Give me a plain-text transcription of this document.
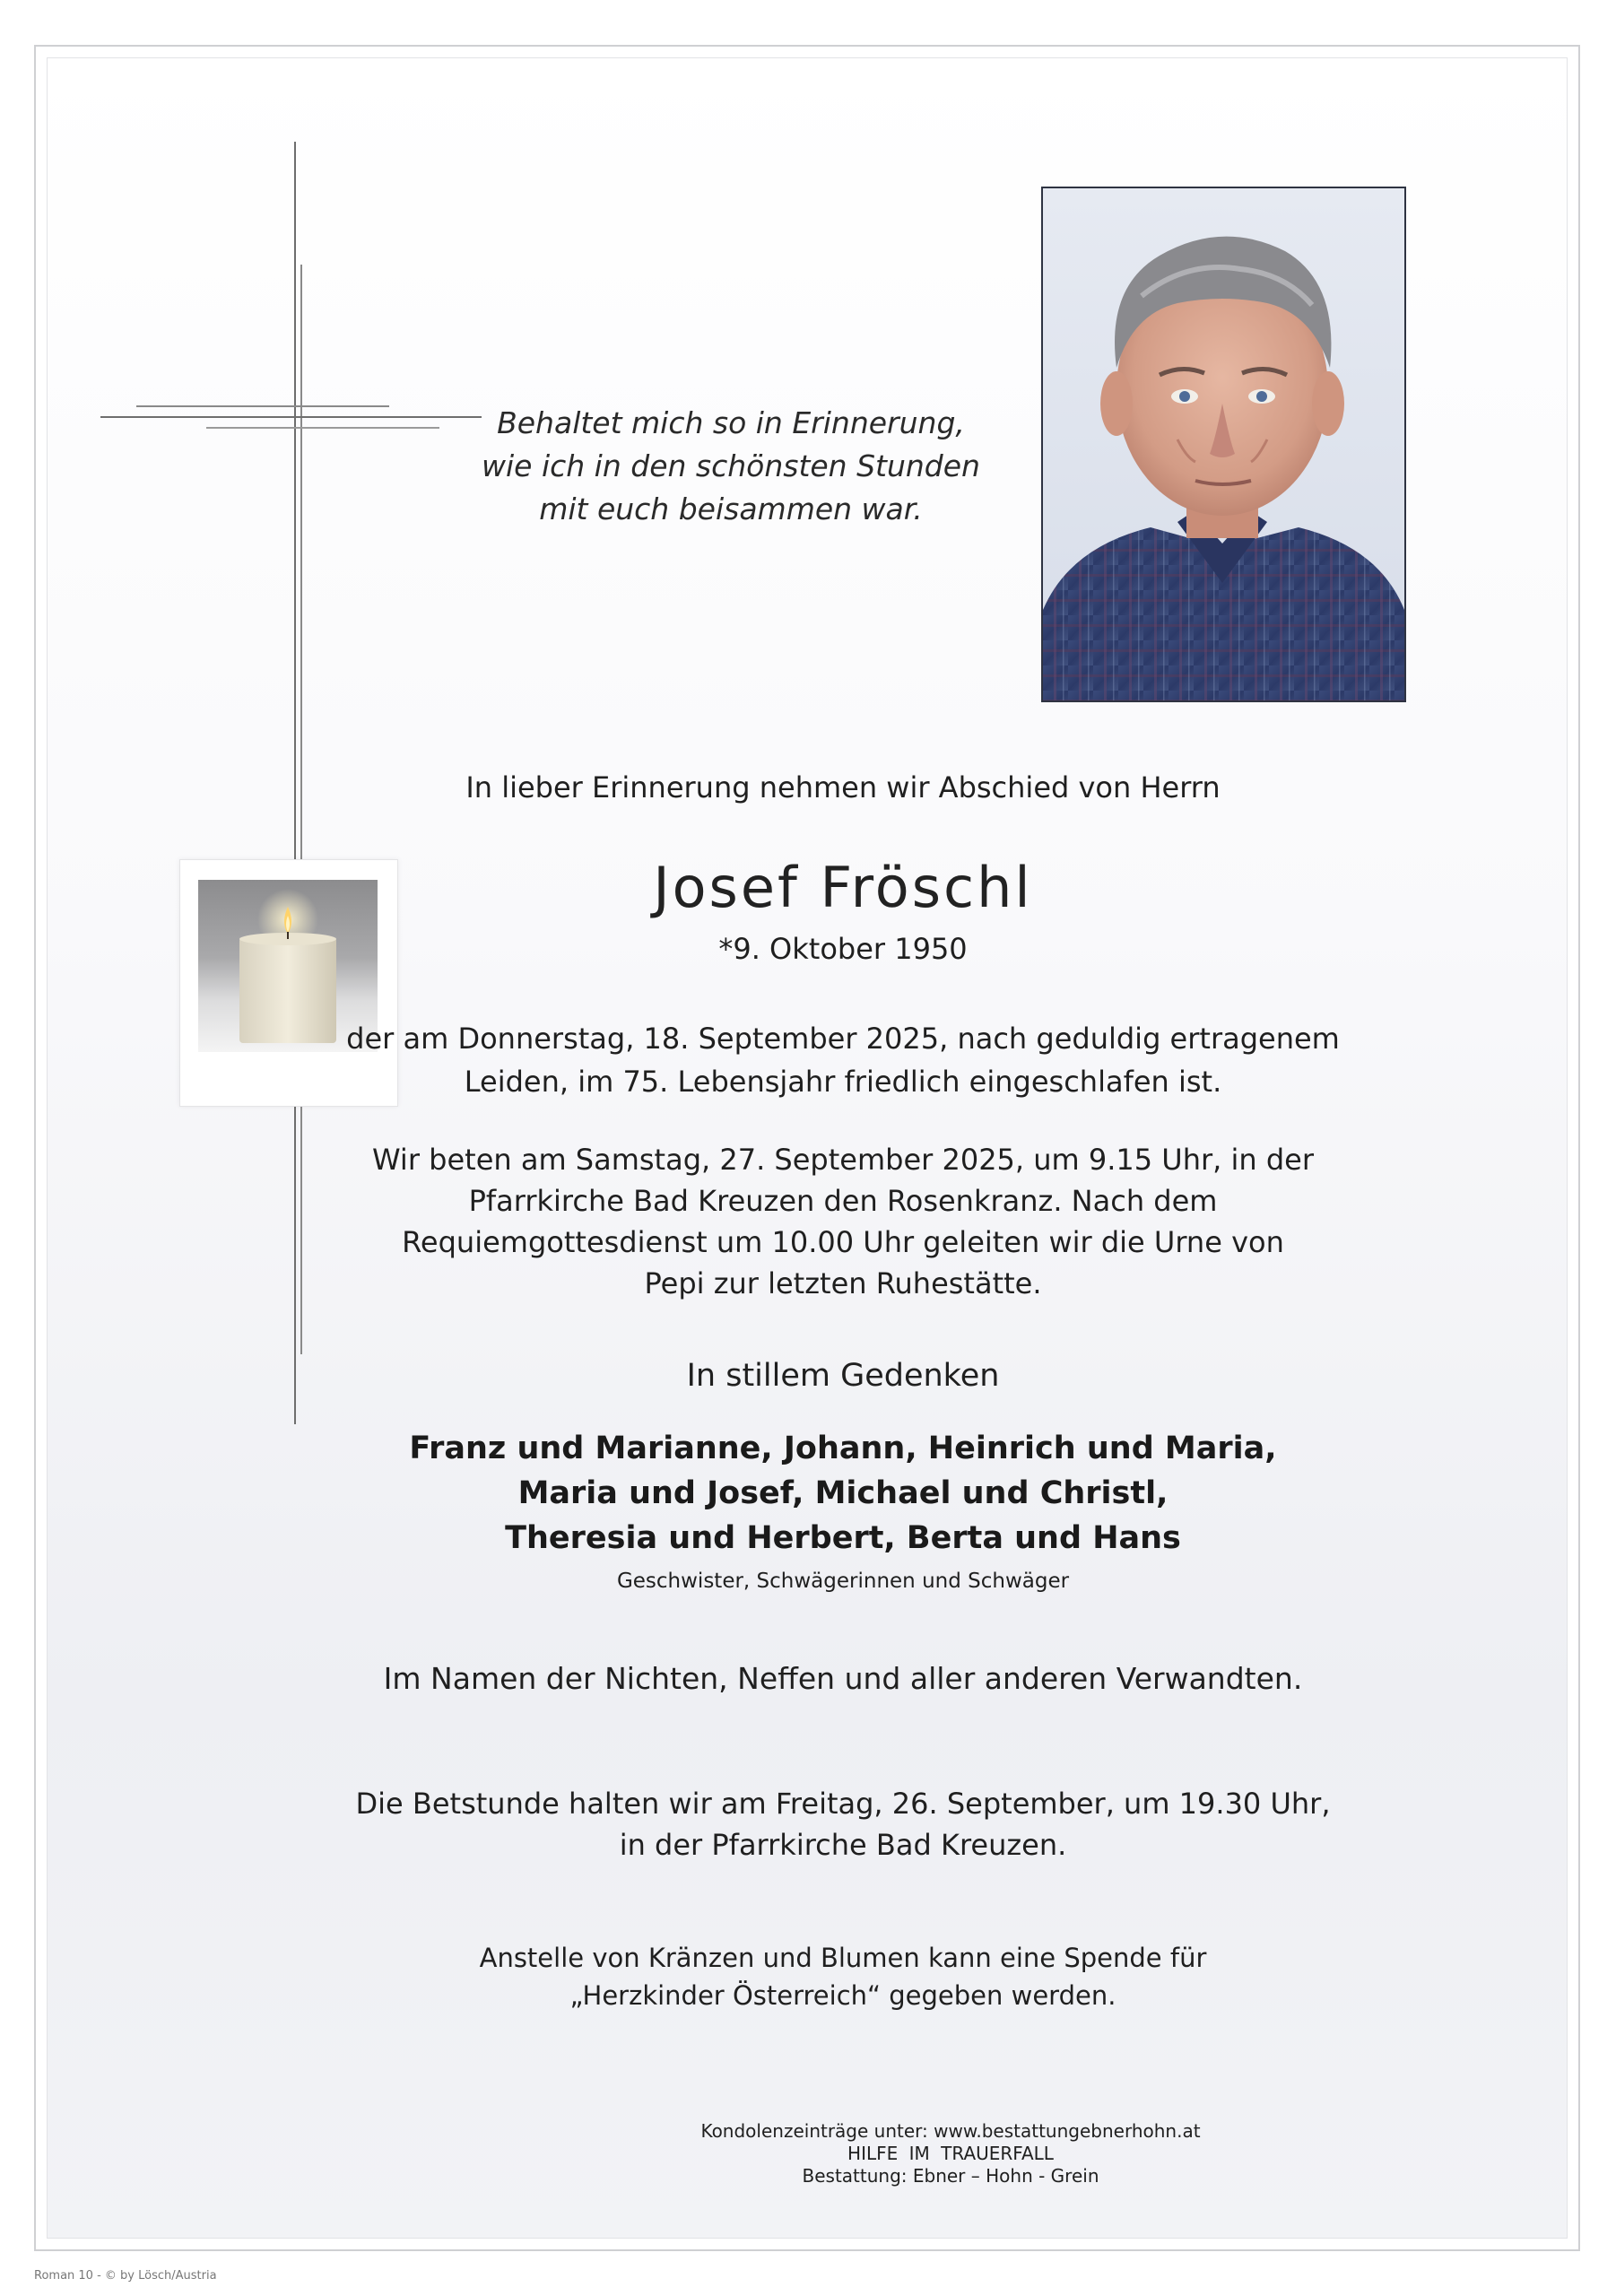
Behaltet mich so in Erinnerung,
wie ich in den schönsten Stunden
mit euch beisammen war.
In lieber Erinnerung nehmen wir Abschied von Herrn
Josef Fröschl
*9. Oktober 1950
der am Donnerstag, 18. September 2025, nach geduldig ertragenem
Leiden, im 75. Lebensjahr friedlich eingeschlafen ist.
Wir beten am Samstag, 27. September 2025, um 9.15 Uhr, in der
Pfarrkirche Bad Kreuzen den Rosenkranz. Nach dem
Requiemgottesdienst um 10.00 Uhr geleiten wir die Urne von
Pepi zur letzten Ruhestätte.
In stillem Gedenken
Franz und Marianne, Johann, Heinrich und Maria,
Maria und Josef, Michael und Christl,
Theresia und Herbert, Berta und Hans
Geschwister, Schwägerinnen und Schwäger
Im Namen der Nichten, Neffen und aller anderen Verwandten.
Die Betstunde halten wir am Freitag, 26. September, um 19.30 Uhr,
in der Pfarrkirche Bad Kreuzen.
Anstelle von Kränzen und Blumen kann eine Spende für
„Herzkinder Österreich“ gegeben werden.
Kondolenzeinträge unter: www.bestattungebnerhohn.at
HILFE IM TRAUERFALL
Bestattung: Ebner – Hohn - Grein
Roman 10 - © by Lösch/Austria
